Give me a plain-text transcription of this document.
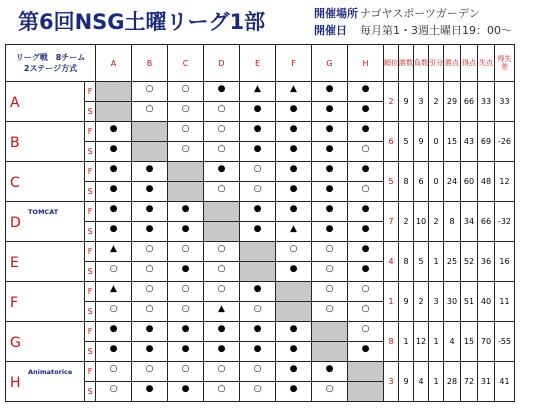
第6回NSG土曜リーグ1部	開催場所 ナゴヤスポーツガーデン
開催日 毎月第1・3週土曜日19：00〜
リーグ戦　8チーム
2ステージ方式		A	B	C	D	E	F	G	H	順位	勝数	負数	引分	勝点	得点	失点	得失差

A	F		○	○	●	▲	▲	●	●	2	9	3	2	29	66	33	33
	S		○	○	○	●	●	●	●								

B	F	●		○	○	●	●	●	●	6	5	9	0	15	43	69	-26
	S	●		○	○	●	●	●	○								

C	F	●	●		●	○	●	●	●	5	8	6	0	24	60	48	12
	S	●	●		○	○	●	●	○								

D
TOMCAT	F	●	●	●		●	●	●	●	7	2	10	2	8	34	66	-32
	S	●	●	●		●	▲	●	●								

E	F	▲	○	○	○		○	○	●	4	8	5	1	25	52	36	16
	S	○	○	●	○		●	○	●								

F	F	▲	○	○	○	●		○	○	1	9	2	3	30	51	40	11
	S	○	○	○	▲	○		○	○								

G	F	●	●	●	●	●	●		○	8	1	12	1	4	15	70	-55
	S	●	●	●	●	●	●		●								

H
Animatorice	F	○	○	○	○	○	●	●		3	9	4	1	28	72	31	41
	S	○	●	●	○	○	●	○									
